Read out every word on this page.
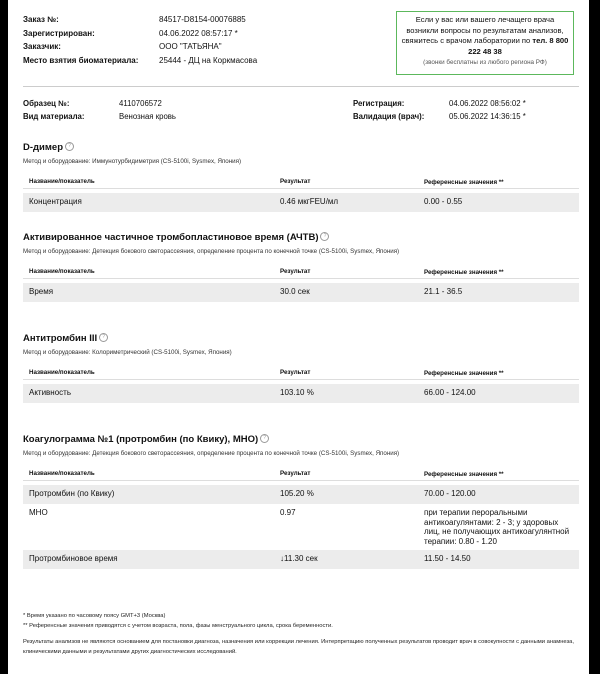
Заказ №:	84517-D8154-00076885
Зарегистрирован:	04.06.2022 08:57:17 *
Заказчик:	ООО "ТАТЬЯНА"
Место взятия биоматериала:	25444 - ДЦ на Коркмасова
Если у вас или вашего лечащего врача возникли вопросы по результатам анализов, свяжитесь с врачом лаборатории по тел. 8 800 222 48 38
(звонки бесплатны из любого региона РФ)
Образец №:	4110706572	Регистрация:	04.06.2022 08:56:02 *
Вид материала:	Венозная кровь	Валидация (врач):	05.06.2022 14:36:15 *
D-димер ?
Метод и оборудование: Иммунотурбидиметрия (CS-5100i, Sysmex, Япония)
Название/показатель	Результат	Референсные значения **
Концентрация	0.46 мкгFEU/мл	0.00 - 0.55
Активированное частичное тромбопластиновое время (АЧТВ) ?
Метод и оборудование: Детекция бокового светорассеяния, определение процента по конечной точке (CS-5100i, Sysmex, Япония)
Название/показатель	Результат	Референсные значения **
Время	30.0 сек	21.1 - 36.5
Антитромбин III ?
Метод и оборудование: Колориметрический (CS-5100i, Sysmex, Япония)
Название/показатель	Результат	Референсные значения **
Активность	103.10 %	66.00 - 124.00
Коагулограмма №1 (протромбин (по Квику), МНО) ?
Метод и оборудование: Детекция бокового светорассеяния, определение процента по конечной точке (CS-5100i, Sysmex, Япония)
Название/показатель	Результат	Референсные значения **
Протромбин (по Квику)	105.20 %	70.00 - 120.00
МНО	0.97	при терапии пероральными антикоагулянтами: 2 - 3; у здоровых лиц, не получающих антикоагулянтной терапии: 0.80 - 1.20
Протромбиновое время	↓11.30 сек	11.50 - 14.50
* Время указано по часовому поясу GMT+3 (Москва)
** Референсные значения приводятся с учетом возраста, пола, фазы менструального цикла, срока беременности.
Результаты анализов не являются основанием для постановки диагноза, назначения или коррекции лечения. Интерпретацию полученных результатов проводит врач в совокупности с данными анамнеза, клиническими данными и результатами других диагностических исследований.
